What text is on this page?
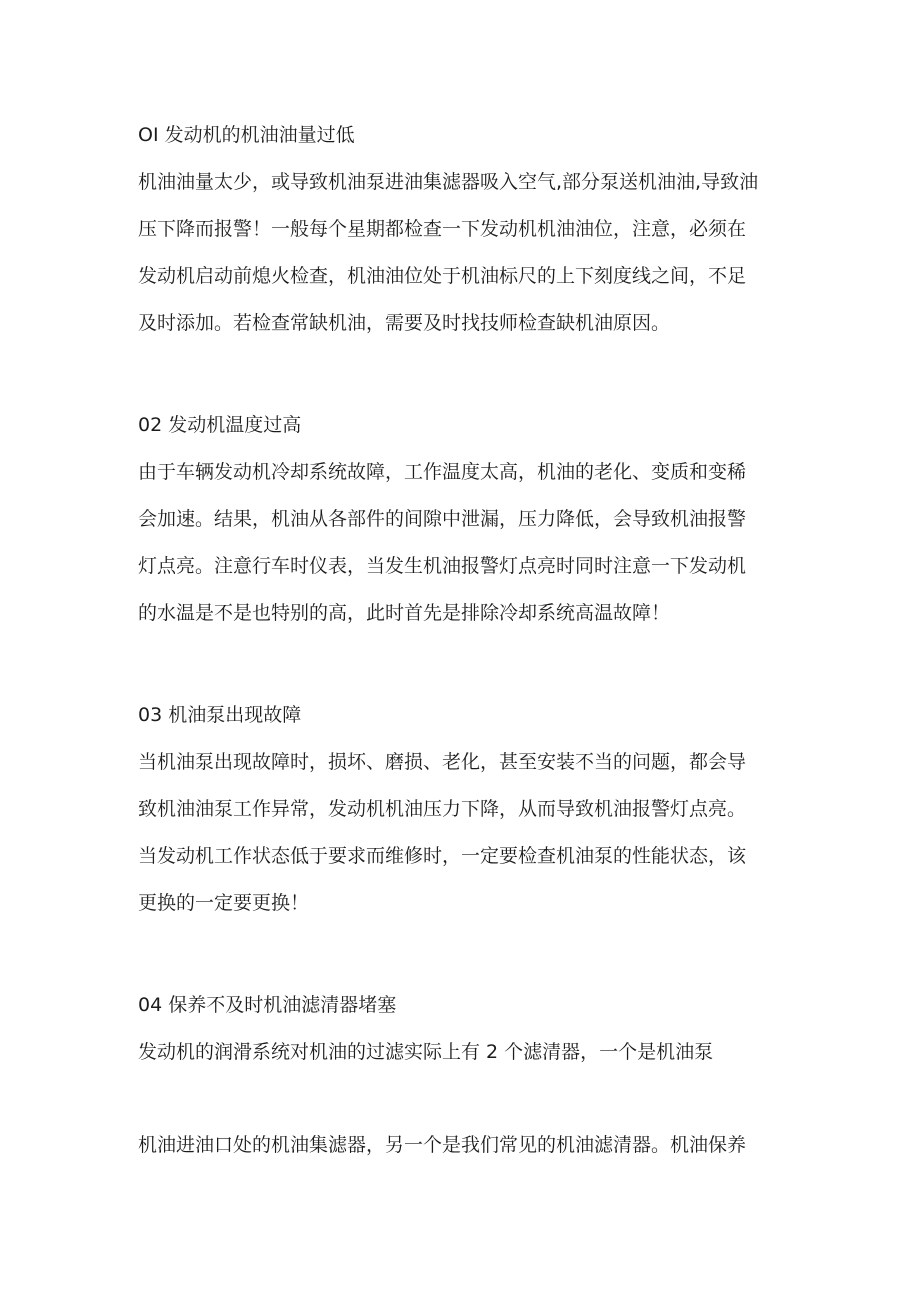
OI 发动机的机油油量过低
机油油量太少，或导致机油泵进油集滤器吸入空气,部分泵送机油油,导致油
压下降而报警！一般每个星期都检查一下发动机机油油位，注意，必须在
发动机启动前熄火检查，机油油位处于机油标尺的上下刻度线之间，不足
及时添加。若检查常缺机油，需要及时找技师检查缺机油原因。
02 发动机温度过高
由于车辆发动机冷却系统故障，工作温度太高，机油的老化、变质和变稀
会加速。结果，机油从各部件的间隙中泄漏，压力降低，会导致机油报警
灯点亮。注意行车时仪表，当发生机油报警灯点亮时同时注意一下发动机
的水温是不是也特别的高，此时首先是排除冷却系统高温故障！
03 机油泵出现故障
当机油泵出现故障时，损坏、磨损、老化，甚至安装不当的问题，都会导
致机油油泵工作异常，发动机机油压力下降，从而导致机油报警灯点亮。
当发动机工作状态低于要求而维修时，一定要检查机油泵的性能状态，该
更换的一定要更换！
04 保养不及时机油滤清器堵塞
发动机的润滑系统对机油的过滤实际上有 2 个滤清器，一个是机油泵
机油进油口处的机油集滤器，另一个是我们常见的机油滤清器。机油保养
